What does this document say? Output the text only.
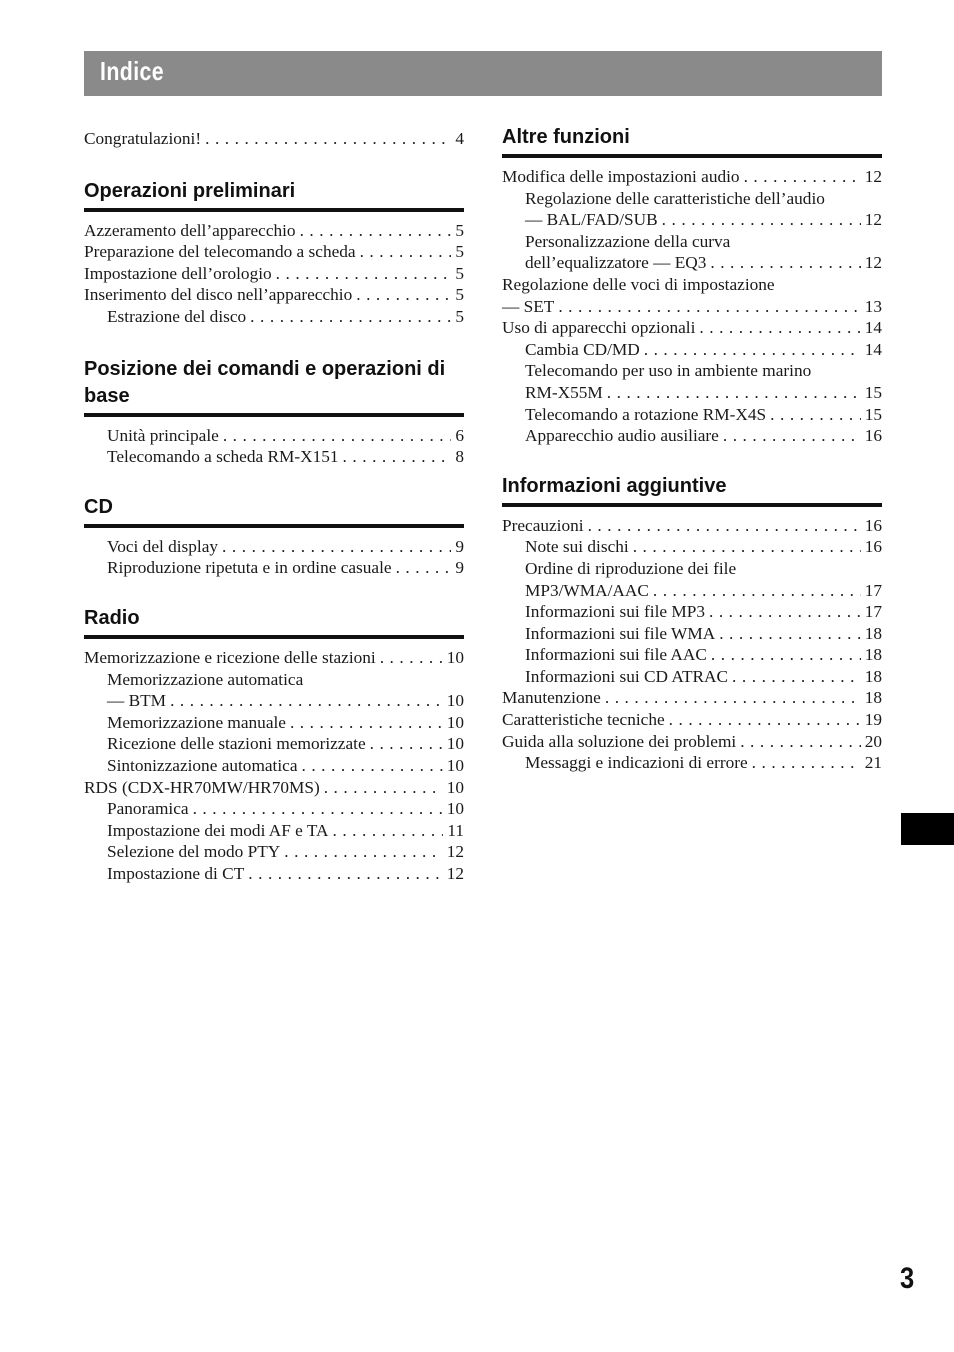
Indice
Congratulazioni! . . .	4
Operazioni preliminari
Azzeramento dell’apparecchio . . .	5
Preparazione del telecomando a scheda . . .	5
Impostazione dell’orologio . . .	5
Inserimento del disco nell’apparecchio . . .	5
Estrazione del disco . . .	5
Posizione dei comandi e operazioni di base
Unità principale . . .	6
Telecomando a scheda RM-X151 . . .	8
CD
Voci del display . . .	9
Riproduzione ripetuta e in ordine casuale . . .	9
Radio
Memorizzazione e ricezione delle stazioni . . .	10
Memorizzazione automatica
— BTM . . .	10
Memorizzazione manuale . . .	10
Ricezione delle stazioni memorizzate . . .	10
Sintonizzazione automatica . . .	10
RDS (CDX-HR70MW/HR70MS) . . .	10
Panoramica . . .	10
Impostazione dei modi AF e TA . . .	11
Selezione del modo PTY . . .	12
Impostazione di CT . . .	12
Altre funzioni
Modifica delle impostazioni audio . . .	12
Regolazione delle caratteristiche dell’audio
— BAL/FAD/SUB . . .	12
Personalizzazione della curva
dell’equalizzatore — EQ3 . . .	12
Regolazione delle voci di impostazione
— SET . . .	13
Uso di apparecchi opzionali . . .	14
Cambia CD/MD . . .	14
Telecomando per uso in ambiente marino
RM-X55M . . .	15
Telecomando a rotazione RM-X4S . . .	15
Apparecchio audio ausiliare . . .	16
Informazioni aggiuntive
Precauzioni . . .	16
Note sui dischi . . .	16
Ordine di riproduzione dei file
MP3/WMA/AAC . . .	17
Informazioni sui file MP3 . . .	17
Informazioni sui file WMA . . .	18
Informazioni sui file AAC . . .	18
Informazioni sui CD ATRAC . . .	18
Manutenzione . . .	18
Caratteristiche tecniche . . .	19
Guida alla soluzione dei problemi . . .	20
Messaggi e indicazioni di errore . . .	21
3
